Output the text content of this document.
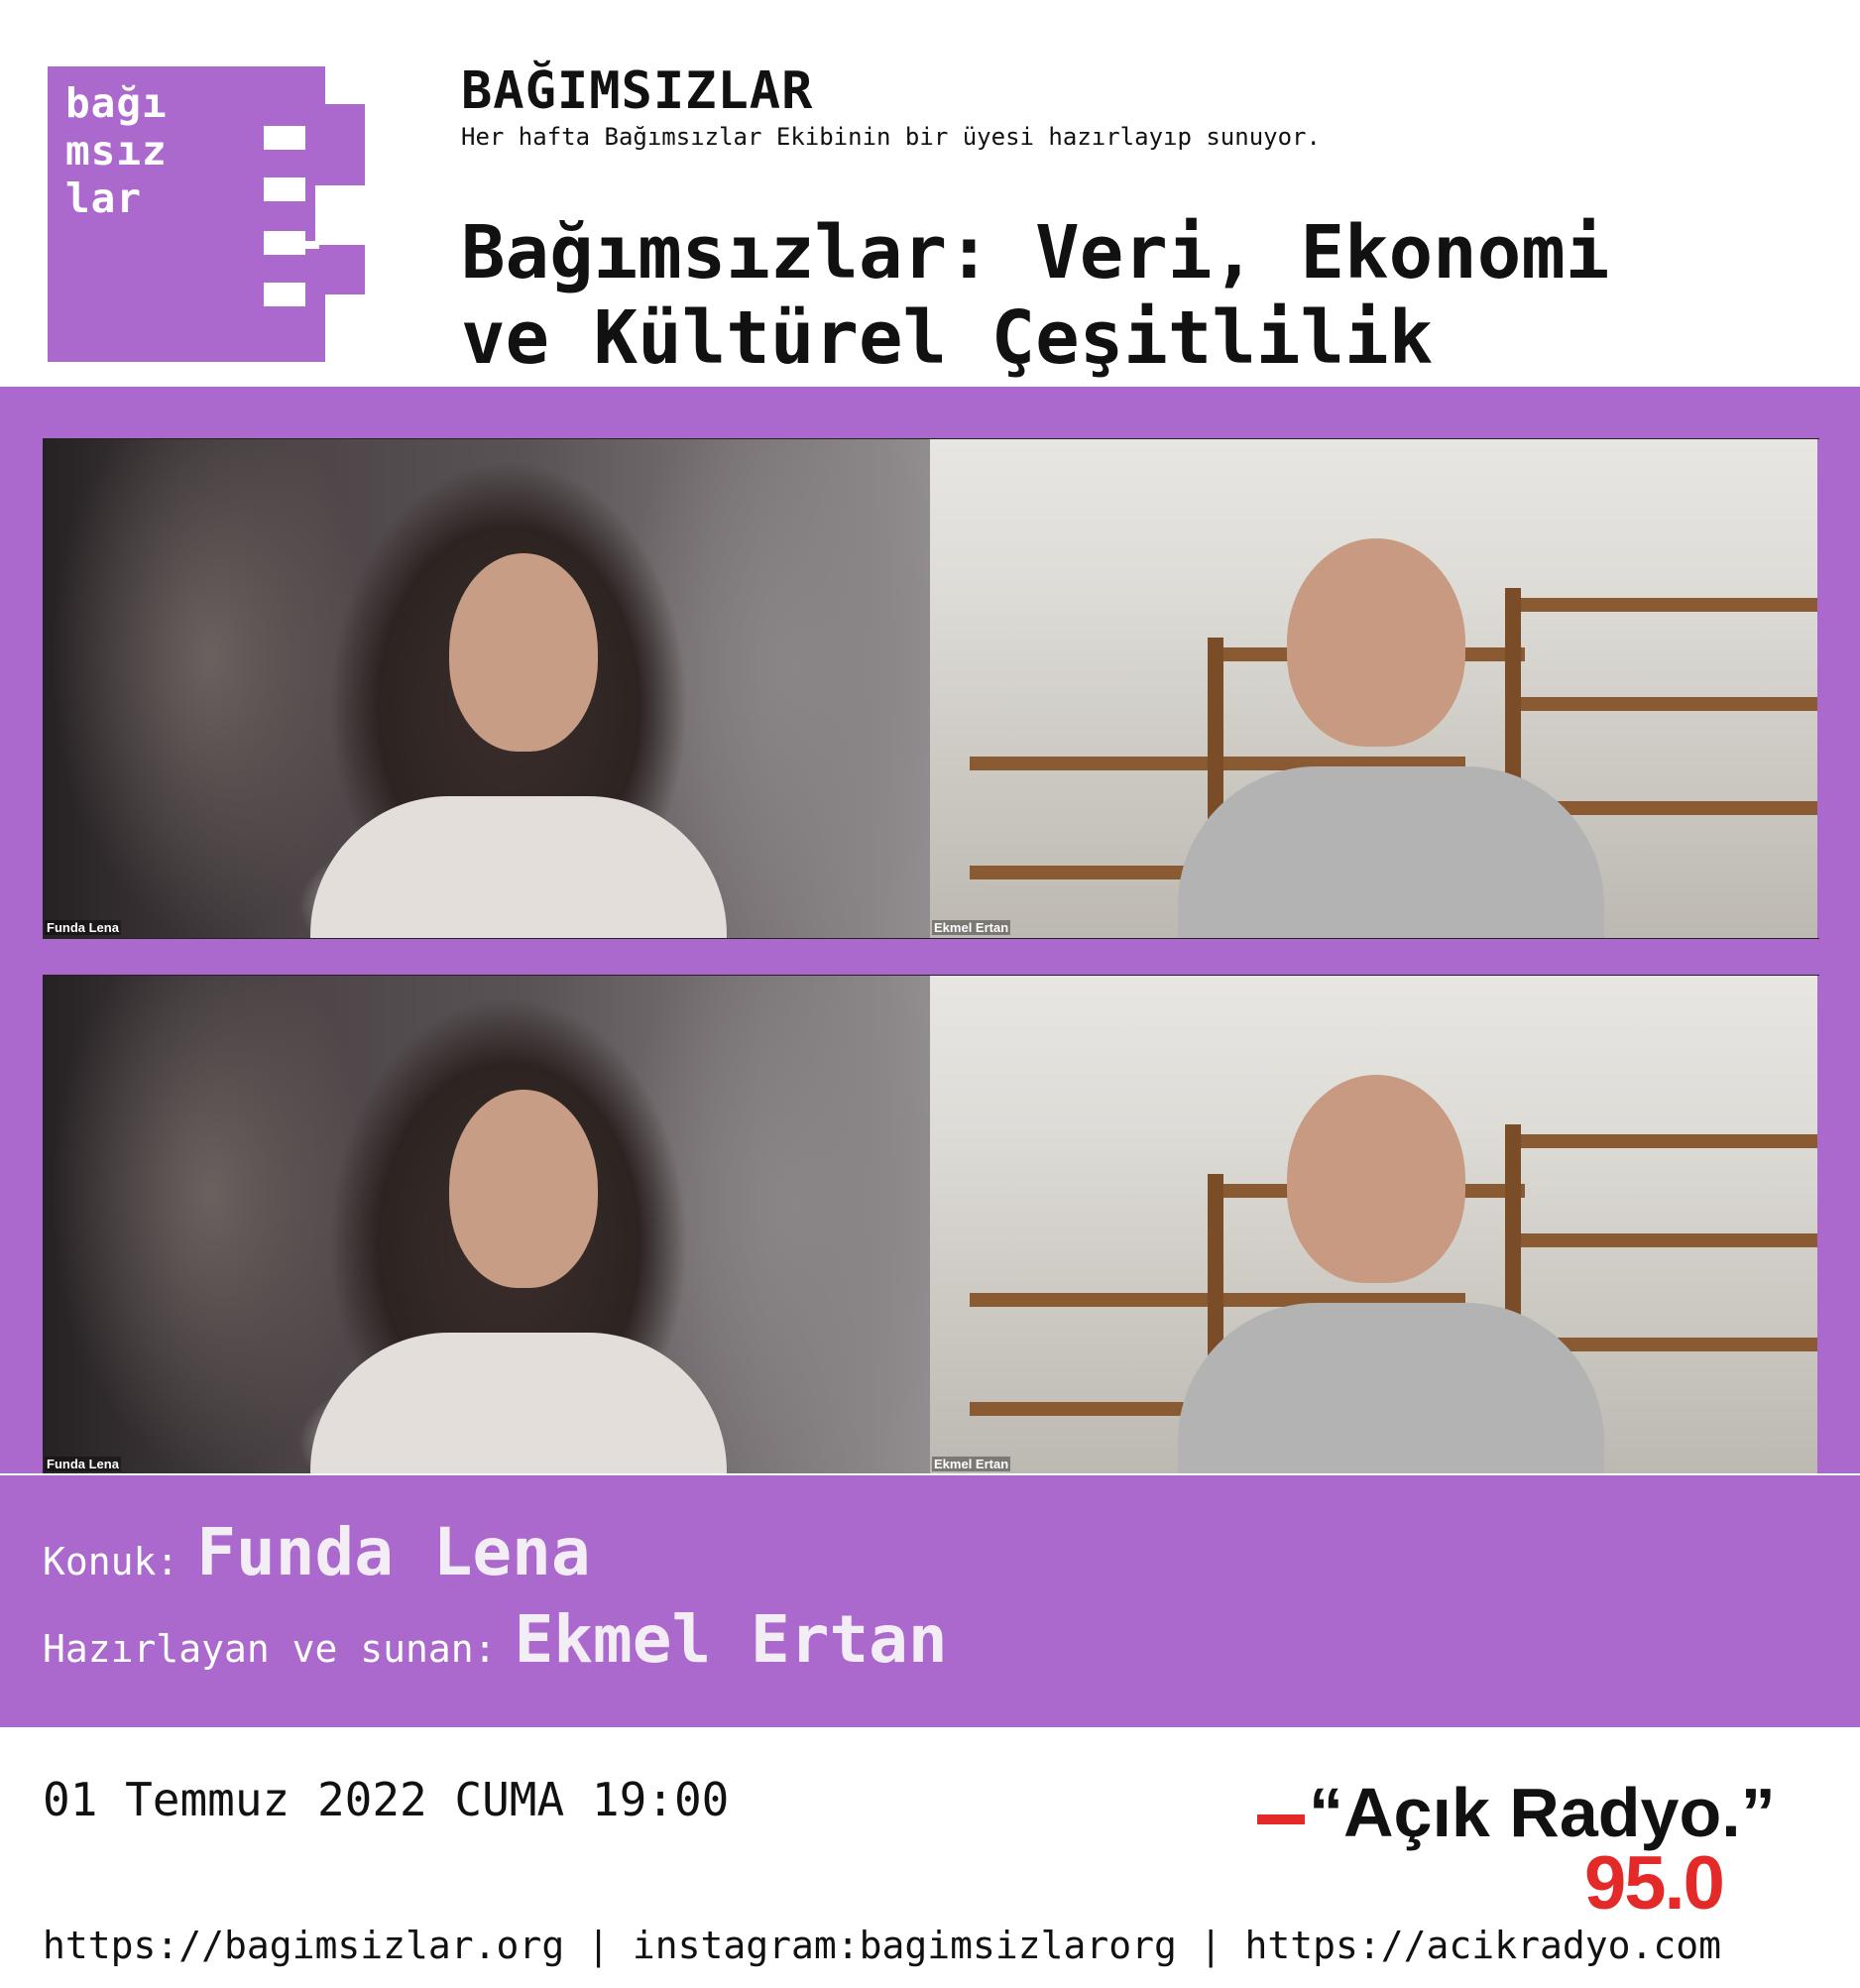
bağı
msız
lar
BAĞIMSIZLAR
Her hafta Bağımsızlar Ekibinin bir üyesi hazırlayıp sunuyor.
Bağımsızlar: Veri, Ekonomi
ve Kültürel Çeşitlilik
Funda Lena	Ekmel Ertan
Funda Lena	Ekmel Ertan
Konuk: Funda Lena
Hazırlayan ve sunan: Ekmel Ertan
01 Temmuz 2022 CUMA 19:00	“Açık Radyo.”
95.0
https://bagimsizlar.org | instagram:bagimsizlarorg | https://acikradyo.com
